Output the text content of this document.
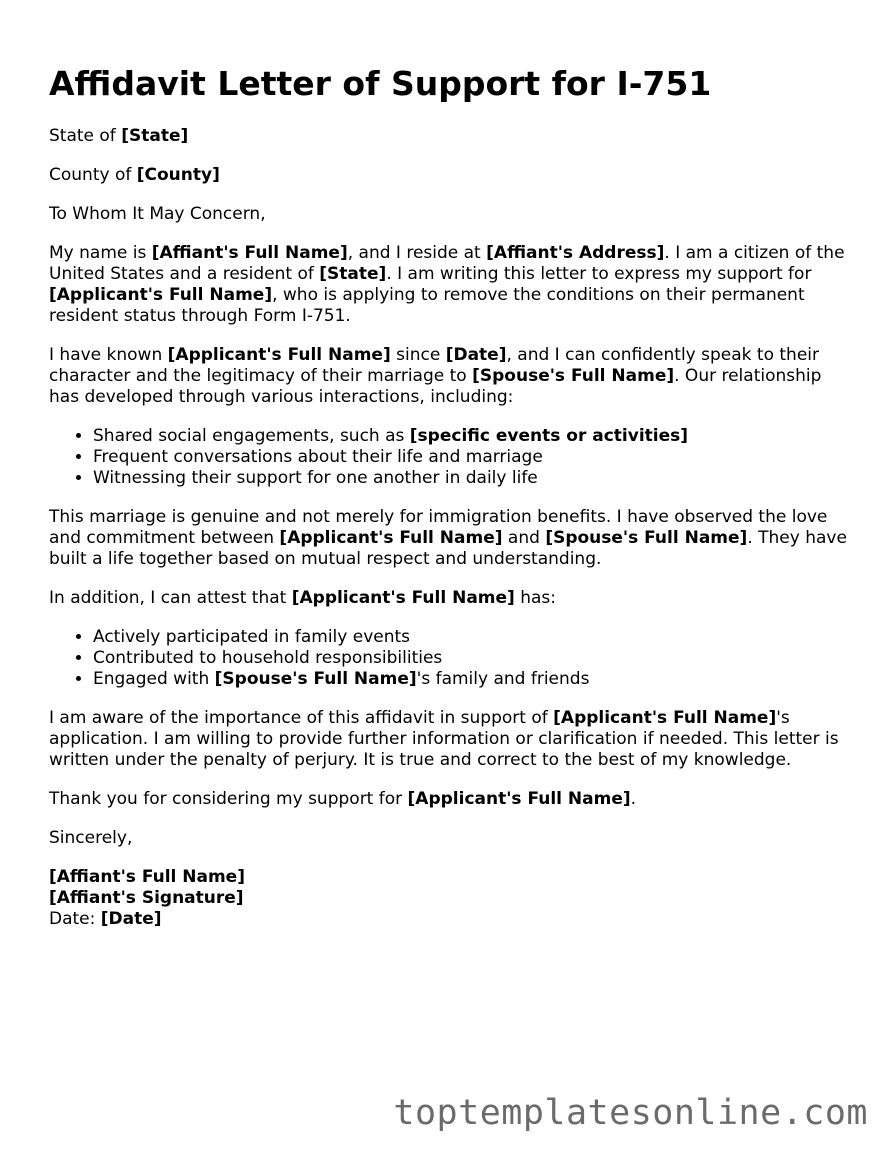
Affidavit Letter of Support for I-751

State of [State]

County of [County]

To Whom It May Concern,

My name is [Affiant's Full Name], and I reside at [Affiant's Address]. I am a citizen of the United States and a resident of [State]. I am writing this letter to express my support for [Applicant's Full Name], who is applying to remove the conditions on their permanent resident status through Form I-751.

I have known [Applicant's Full Name] since [Date], and I can confidently speak to their character and the legitimacy of their marriage to [Spouse's Full Name]. Our relationship has developed through various interactions, including:

• Shared social engagements, such as [specific events or activities]
• Frequent conversations about their life and marriage
• Witnessing their support for one another in daily life

This marriage is genuine and not merely for immigration benefits. I have observed the love and commitment between [Applicant's Full Name] and [Spouse's Full Name]. They have built a life together based on mutual respect and understanding.

In addition, I can attest that [Applicant's Full Name] has:

• Actively participated in family events
• Contributed to household responsibilities
• Engaged with [Spouse's Full Name]'s family and friends

I am aware of the importance of this affidavit in support of [Applicant's Full Name]'s application. I am willing to provide further information or clarification if needed. This letter is written under the penalty of perjury. It is true and correct to the best of my knowledge.

Thank you for considering my support for [Applicant's Full Name].

Sincerely,

[Affiant's Full Name]
[Affiant's Signature]
Date: [Date]
toptemplatesonline.com
